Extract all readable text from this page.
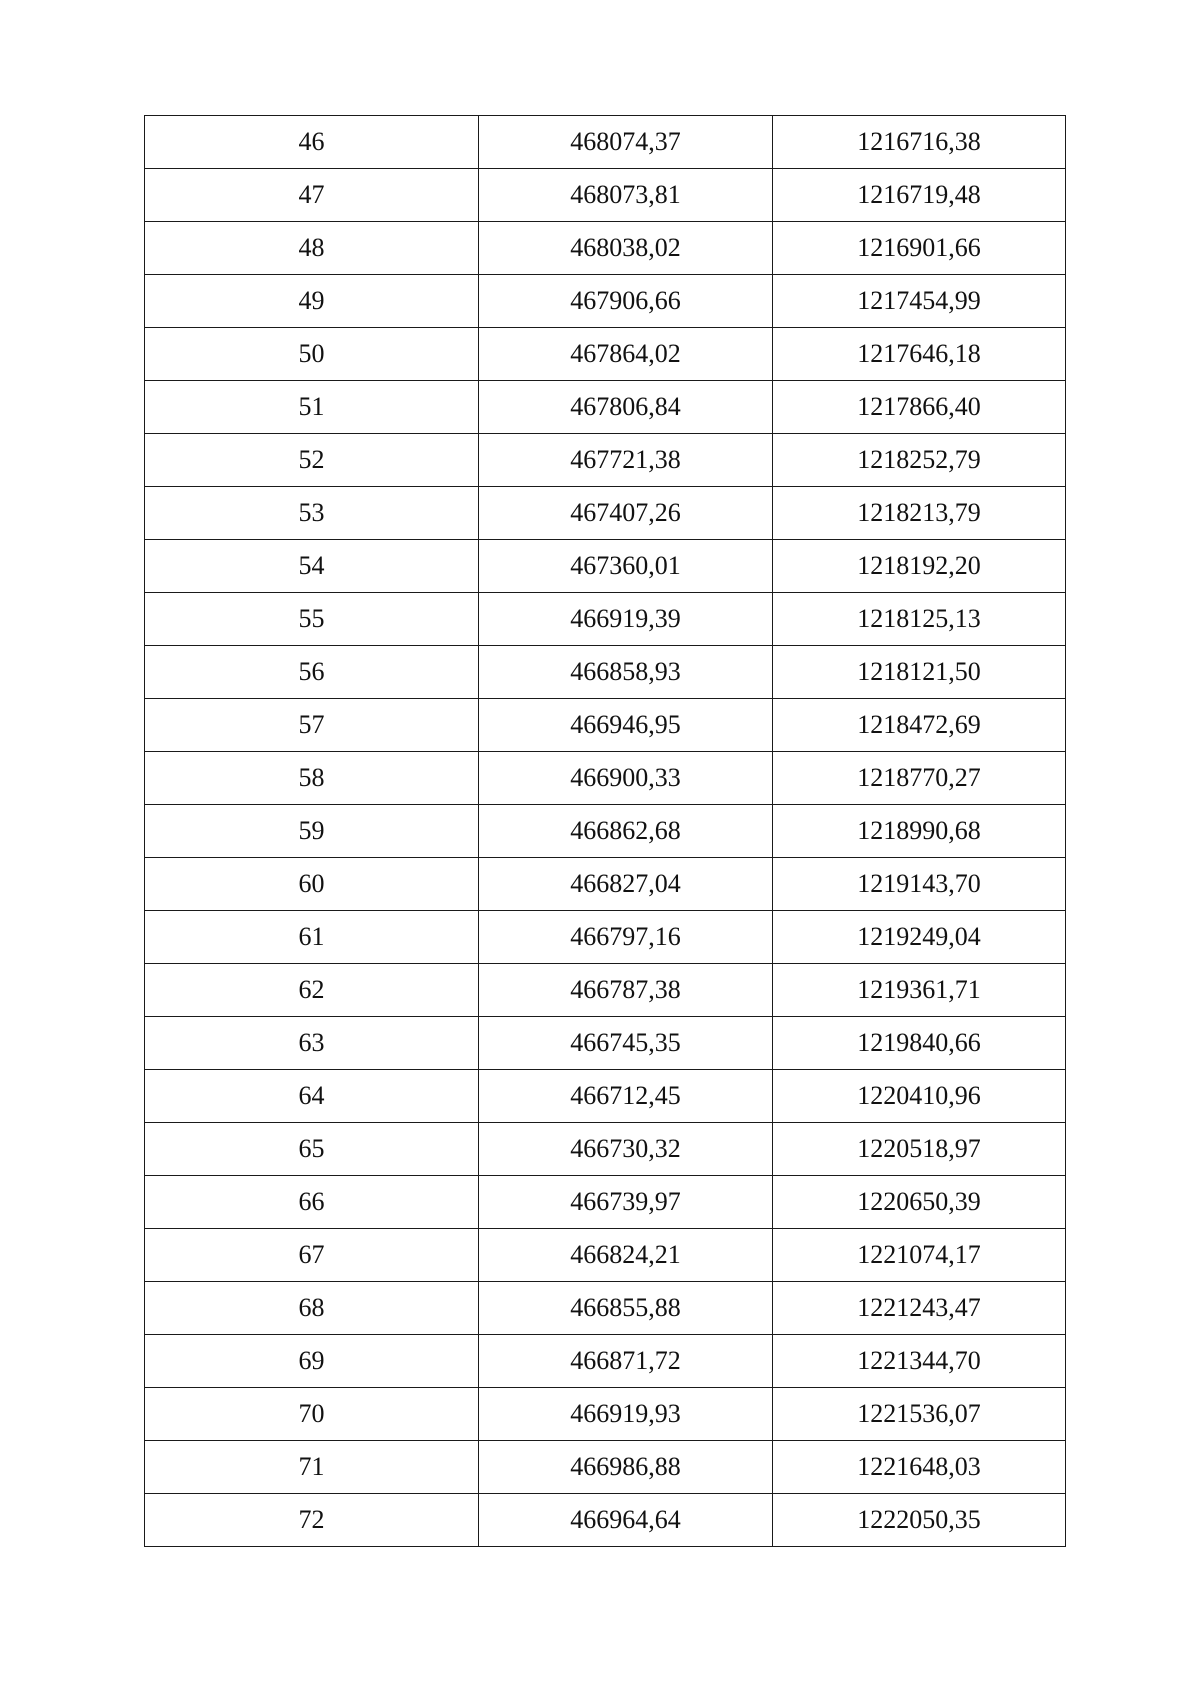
46	468074,37	1216716,38
47	468073,81	1216719,48
48	468038,02	1216901,66
49	467906,66	1217454,99
50	467864,02	1217646,18
51	467806,84	1217866,40
52	467721,38	1218252,79
53	467407,26	1218213,79
54	467360,01	1218192,20
55	466919,39	1218125,13
56	466858,93	1218121,50
57	466946,95	1218472,69
58	466900,33	1218770,27
59	466862,68	1218990,68
60	466827,04	1219143,70
61	466797,16	1219249,04
62	466787,38	1219361,71
63	466745,35	1219840,66
64	466712,45	1220410,96
65	466730,32	1220518,97
66	466739,97	1220650,39
67	466824,21	1221074,17
68	466855,88	1221243,47
69	466871,72	1221344,70
70	466919,93	1221536,07
71	466986,88	1221648,03
72	466964,64	1222050,35
